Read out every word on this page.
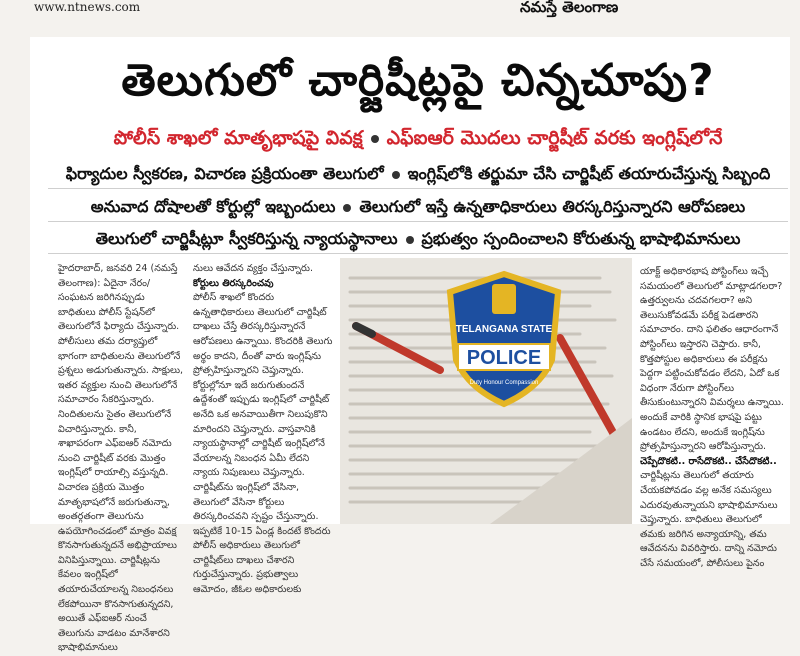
www.ntnews.com	నమస్తే తెలంగాణ
తెలుగులో చార్జిషీట్లపై చిన్నచూపు?
పోలీస్ శాఖలో మాతృభాషపై వివక్ష ఎఫ్ఐఆర్ మొదలు చార్జిషీట్ వరకు ఇంగ్లిష్‌లోనే
ఫిర్యాదుల స్వీకరణ, విచారణ ప్రక్రియంతా తెలుగులో ఇంగ్లిష్‌లోకి తర్జుమా చేసి చార్జిషీట్ తయారుచేస్తున్న సిబ్బంది
అనువాద దోషాలతో కోర్టుల్లో ఇబ్బందులు తెలుగులో ఇస్తే ఉన్నతాధికారులు తిరస్కరిస్తున్నారని ఆరోపణలు
తెలుగులో చార్జిషీట్లూ స్వీకరిస్తున్న న్యాయస్థానాలు ప్రభుత్వం స్పందించాలని కోరుతున్న భాషాభిమానులు

హైదరాబాద్, జనవరి 24 (నమస్తే తెలంగాణ): ఏదైనా నేరం/సంఘటన జరిగినప్పుడు బాధితులు పోలీస్ స్టేషన్‌లో తెలుగులోనే ఫిర్యాదు చేస్తున్నారు. పోలీసులు తమ దర్యాప్తులో భాగంగా బాధితులను తెలుగులోనే ప్రశ్నలు అడుగుతున్నారు. సాక్షులు, ఇతర వ్యక్తుల నుంచి తెలుగులోనే సమాచారం సేకరిస్తున్నారు. నిందితులను సైతం తెలుగులోనే విచారిస్తున్నారు. కానీ, శాఖాపరంగా ఎఫ్ఐఆర్ నమోదు నుంచి చార్జిషీట్ వరకు మొత్తం ఇంగ్లిష్‌లో రాయాల్సి వస్తున్నది. విచారణ ప్రక్రియ మొత్తం మాతృభాషలోనే జరుగుతున్నా, అంతర్గతంగా తెలుగును ఉపయోగించడంలో మాత్రం వివక్ష కొనసాగుతున్నదనే అభిప్రాయాలు వినిపిస్తున్నాయి. చార్జిషీట్లను కేవలం ఇంగ్లిష్‌లో తయారుచేయాలన్న నిబంధనలు లేకపోయినా కొనసాగుతున్నదని, అయితే ఎఫ్ఐఆర్ నుంచే తెలుగును వాడటం మానేశారని భాషాభిమానులు

నులు ఆవేదన వ్యక్తం చేస్తున్నారు.

కోర్టులు తిరస్కరించవు

పోలీస్ శాఖలో కొందరు ఉన్నతాధికారులు తెలుగులో చార్జిషీట్ దాఖలు చేస్తే తిరస్కరిస్తున్నారనే ఆరోపణలు ఉన్నాయి. కొందరికి తెలుగు అర్థం కాదని, దీంతో వారు ఇంగ్లిష్‌ను ప్రోత్సహిస్తున్నారని చెప్తున్నారు. కోర్టుల్లోనూ ఇదే జరుగుతుందనే ఉద్దేశంతో ఇప్పుడు ఇంగ్లిష్‌లో చార్జిషీట్ అనేది ఒక అనవాయితీగా నిలుపుకొని మారిందని చెప్తున్నారు. వాస్తవానికి న్యాయస్థానాల్లో చార్జిషీట్ ఇంగ్లిష్‌లోనే వేయాలన్న నిబంధన ఏమీ లేదని న్యాయ నిపుణులు చెప్తున్నారు. చార్జిషీట్‌ను ఇంగ్లిష్‌లో వేసినా, తెలుగులో వేసినా కోర్టులు తిరస్కరించవని స్పష్టం చేస్తున్నారు. ఇప్పటికే 10-15 ఏండ్ల కిందటే కొందరు పోలీస్ అధికారులు తెలుగులో చార్జిషీట్‌లు దాఖలు చేశారని గుర్తుచేస్తున్నారు. ప్రభుత్వాలు ఆమోదం, జీఓల అధికారులకు

TELANGANA STATE
POLICE
Duty Honour Compassion

యాక్ట్ అధికారభాష పోస్టింగ్‌లు ఇచ్చే సమయంలో తెలుగులో మాట్లాడగలరా? ఉత్తర్వులను చదవగలరా? అని తెలుసుకోవడమే పరీక్ష పెడతారని సమాచారం. దాని ఫలితం ఆధారంగానే పోస్టింగ్‌లు ఇస్తారని చెప్తారు. కానీ, కొత్తపోస్టుల అధికారులు ఈ పరీక్షను పెద్దగా పట్టించుకోవడం లేదని, ఏదో ఒక విధంగా నేరుగా పోస్టింగ్‌లు తీసుకుంటున్నారని విమర్శలు ఉన్నాయి. అందుకే వారికి స్థానిక భాషపై పట్టు ఉండటం లేదని, అందుకే ఇంగ్లిష్‌ను ప్రోత్సహిస్తున్నారని ఆరోపిస్తున్నారు.

చెప్పేదొకటి.. రాసేదొకటి.. చేసేదొకటి..

చార్జిషీట్లను తెలుగులో తయారు చేయకపోవడం వల్ల అనేక సమస్యలు ఎదురవుతున్నాయని భాషాభిమానులు చెప్తున్నారు. బాధితులు తెలుగులో తమకు జరిగిన అన్యాయాన్ని, తమ ఆవేదనను వివరిస్తారు. దాన్ని నమోదు చేసే సమయంలో, పోలీసులు పైనం
